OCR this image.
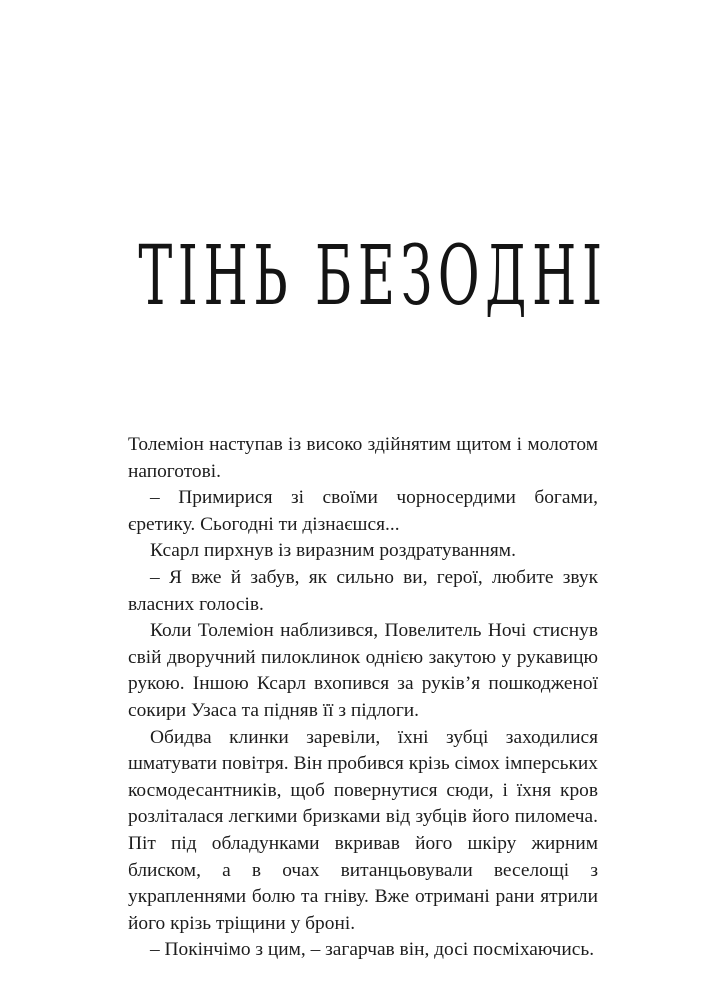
ТІНЬ БЕЗОДНІ

Толеміон наступав із високо здійнятим щитом і молотом напоготові.

– Примирися зі своїми чорносердими богами, єретику. Сьогодні ти дізнаєшся...

Ксарл пирхнув із виразним роздратуванням.

– Я вже й забув, як сильно ви, герої, любите звук власних голосів.

Коли Толеміон наблизився, Повелитель Ночі стиснув свій дворучний пилоклинок однією закутою у рукавицю рукою. Іншою Ксарл вхопився за руків’я пошкодженої сокири Узаса та підняв її з підлоги.

Обидва клинки заревіли, їхні зубці заходилися шматувати повітря. Він пробився крізь сімох імперських космодесантників, щоб повернутися сюди, і їхня кров розліталася легкими бризками від зубців його пиломеча. Піт під обладунками вкривав його шкіру жирним блиском, а в очах витанцьовували веселощі з украпленнями болю та гніву. Вже отримані рани ятрили його крізь тріщини у броні.

– Покінчімо з цим, – загарчав він, досі посміхаючись.
